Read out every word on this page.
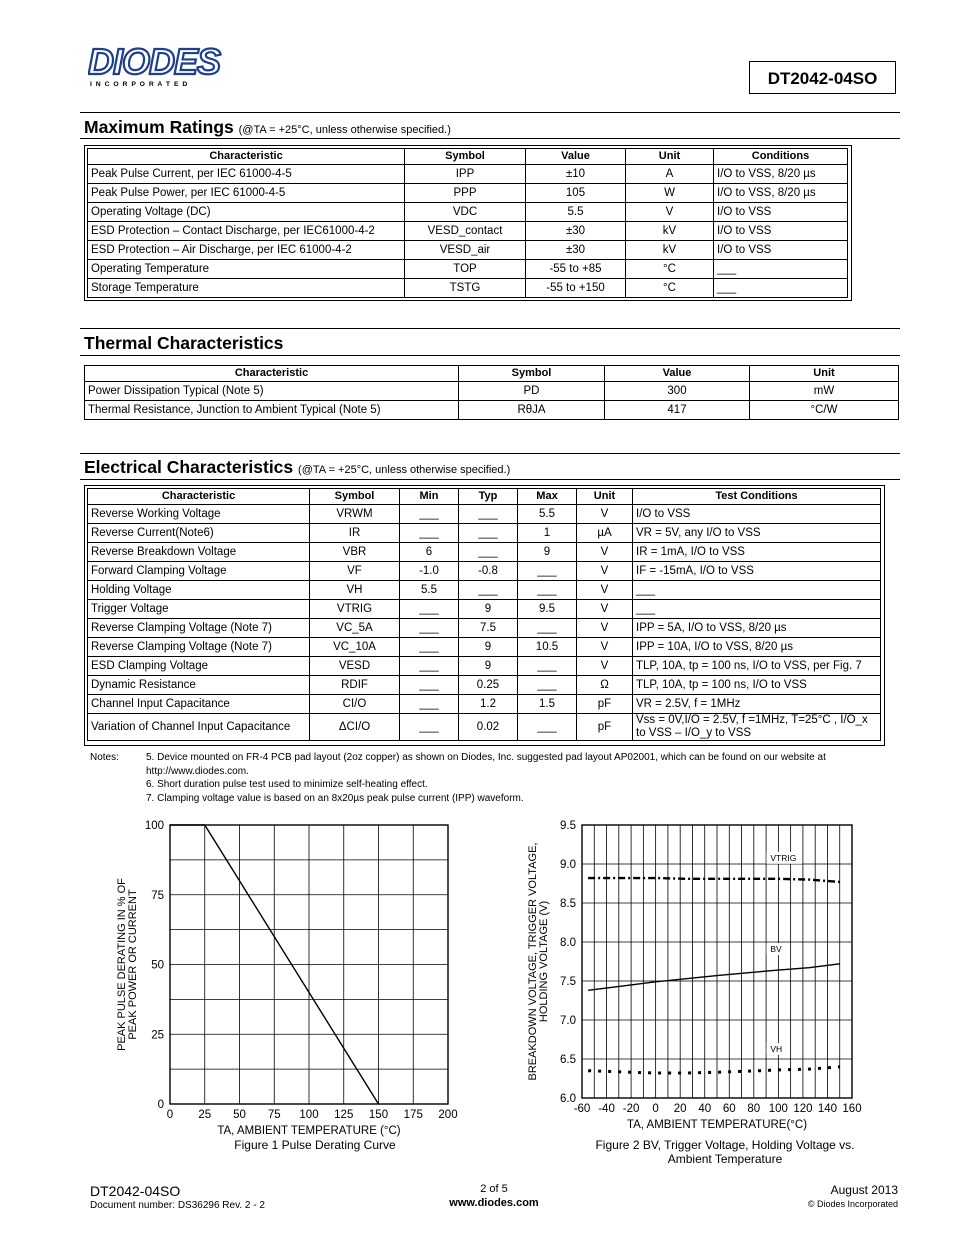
DIODES
I N C O R P O R A T E D	DT2042-04SO
Maximum Ratings (@TA = +25°C, unless otherwise specified.)
Characteristic	Symbol	Value	Unit	Conditions
Peak Pulse Current, per IEC 61000-4-5	IPP	±10	A	I/O to VSS, 8/20 µs
Peak Pulse Power, per IEC 61000-4-5	PPP	105	W	I/O to VSS, 8/20 µs
Operating Voltage (DC)	VDC	5.5	V	I/O to VSS
ESD Protection – Contact Discharge, per IEC61000-4-2	VESD_contact	±30	kV	I/O to VSS
ESD Protection – Air Discharge, per IEC 61000-4-2	VESD_air	±30	kV	I/O to VSS
Operating Temperature	TOP	-55 to +85	°C	___
Storage Temperature	TSTG	-55 to +150	°C	___
Thermal Characteristics
Characteristic	Symbol	Value	Unit
Power Dissipation Typical (Note 5)	PD	300	mW
Thermal Resistance, Junction to Ambient Typical (Note 5)	RθJA	417	°C/W
Electrical Characteristics (@TA = +25°C, unless otherwise specified.)
Characteristic	Symbol	Min	Typ	Max	Unit	Test Conditions
Reverse Working Voltage	VRWM	___	___	5.5	V	I/O to VSS
Reverse Current(Note6)	IR	___	___	1	µA	VR = 5V, any I/O to VSS
Reverse Breakdown Voltage	VBR	6	___	9	V	IR = 1mA, I/O to VSS
Forward Clamping Voltage	VF	-1.0	-0.8	___	V	IF = -15mA, I/O to VSS
Holding Voltage	VH	5.5	___	___	V	___
Trigger Voltage	VTRIG	___	9	9.5	V	___
Reverse Clamping Voltage (Note 7)	VC_5A	___	7.5	___	V	IPP = 5A, I/O to VSS, 8/20 µs
Reverse Clamping Voltage (Note 7)	VC_10A	___	9	10.5	V	IPP = 10A, I/O to VSS, 8/20 µs
ESD Clamping Voltage	VESD	___	9	___	V	TLP, 10A, tp = 100 ns, I/O to VSS, per Fig. 7
Dynamic Resistance	RDIF	___	0.25	___	Ω	TLP, 10A, tp = 100 ns, I/O to VSS
Channel Input Capacitance	CI/O	___	1.2	1.5	pF	VR = 2.5V, f = 1MHz
Variation of Channel Input Capacitance	ΔCI/O	___	0.02	___	pF	Vss = 0V,I/O = 2.5V, f =1MHz, T=25°C , I/O_x to VSS – I/O_y to VSS
Notes:	5. Device mounted on FR-4 PCB pad layout (2oz copper) as shown on Diodes, Inc. suggested pad layout AP02001, which can be found on our website at http://www.diodes.com.
6. Short duration pulse test used to minimize self-heating effect.
7. Clamping voltage value is based on an 8x20µs peak pulse current (IPP) waveform.
0 25 50 75 100 125 150 175 200
0
25
50
75
100
TA, AMBIENT TEMPERATURE (°C)
PEAK PULSE DERATING IN % OF PEAK POWER OR CURRENT
Figure 1 Pulse Derating Curve
-60 -40 -20 0 20 40 60 80 100 120 140 160
6.0
6.5
7.0
7.5
8.0
8.5
9.0
9.5
TA, AMBIENT TEMPERATURE(°C)
BREAKDOWN VOLTAGE, TRIGGER VOLTAGE, HOLDING VOLTAGE (V)
VTRIG
BV
VH
Figure 2 BV, Trigger Voltage, Holding Voltage vs. Ambient Temperature
DT2042-04SO
Document number: DS36296 Rev. 2 - 2
2 of 5
www.diodes.com
August 2013
© Diodes Incorporated
